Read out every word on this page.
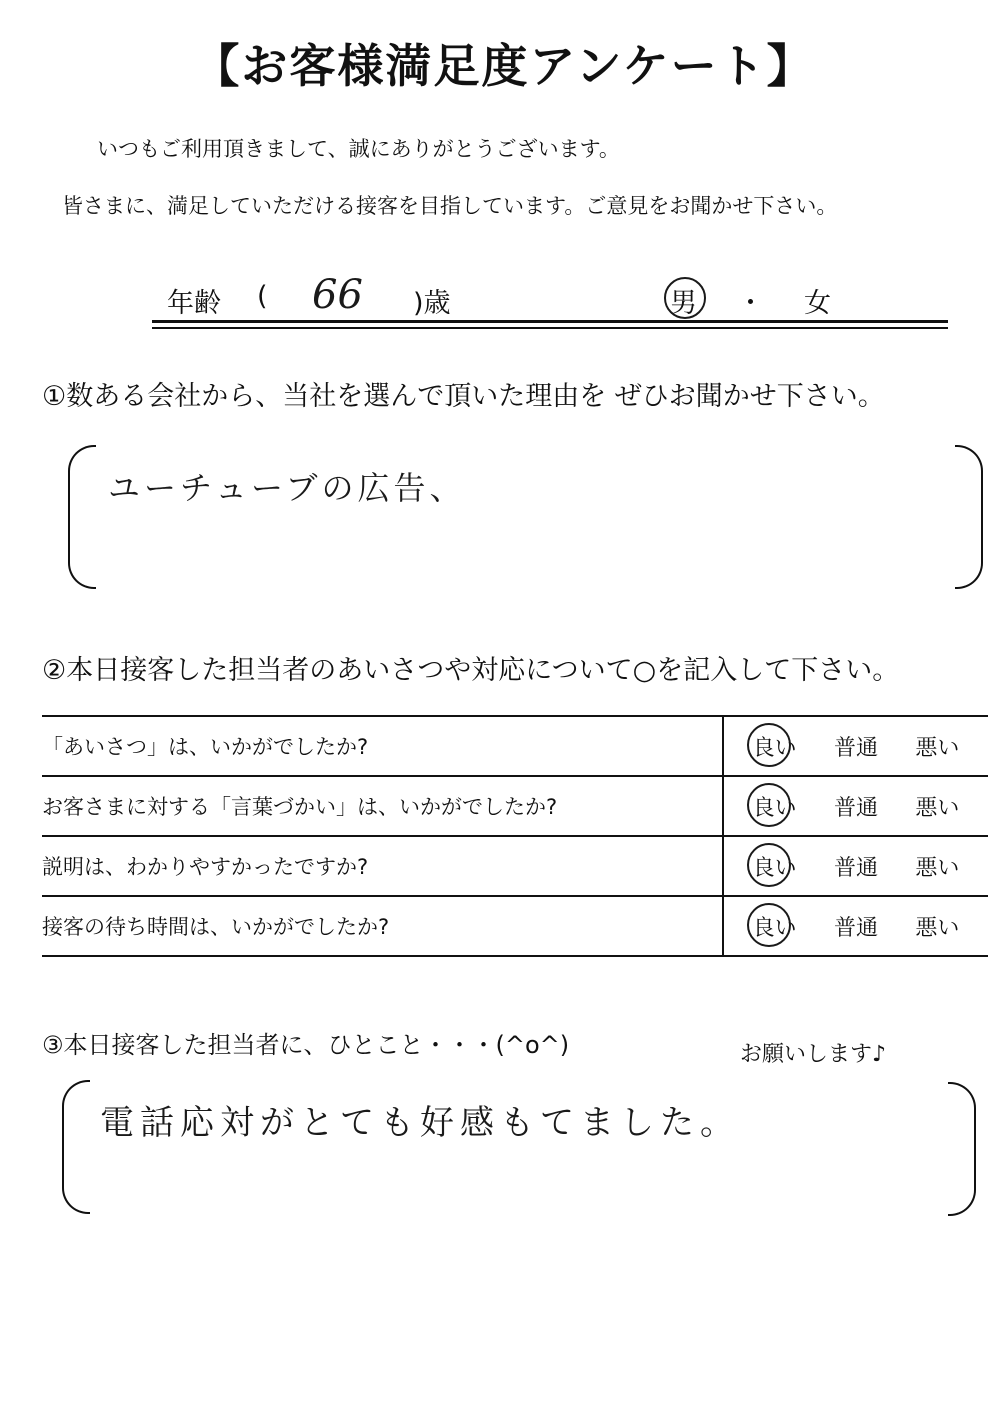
【お客様満足度アンケート】
いつもご利用頂きまして、誠にありがとうございます。
皆さまに、満足していただける接客を目指しています。ご意見をお聞かせ下さい。
年齢 ( 66 )歳	男 ・ 女
①数ある会社から、当社を選んで頂いた理由を ぜひお聞かせ下さい。
ユーチューブの広告、
②本日接客した担当者のあいさつや対応について○を記入して下さい。
「あいさつ」は、いかがでしたか?	良い 普通 悪い

お客さまに対する「言葉づかい」は、いかがでしたか?	良い 普通 悪い

説明は、わかりやすかったですか?	良い 普通 悪い

接客の待ち時間は、いかがでしたか?	良い 普通 悪い
③本日接客した担当者に、ひとこと・・・(^o^)	お願いします♪
電話応対がとても好感もてました。
